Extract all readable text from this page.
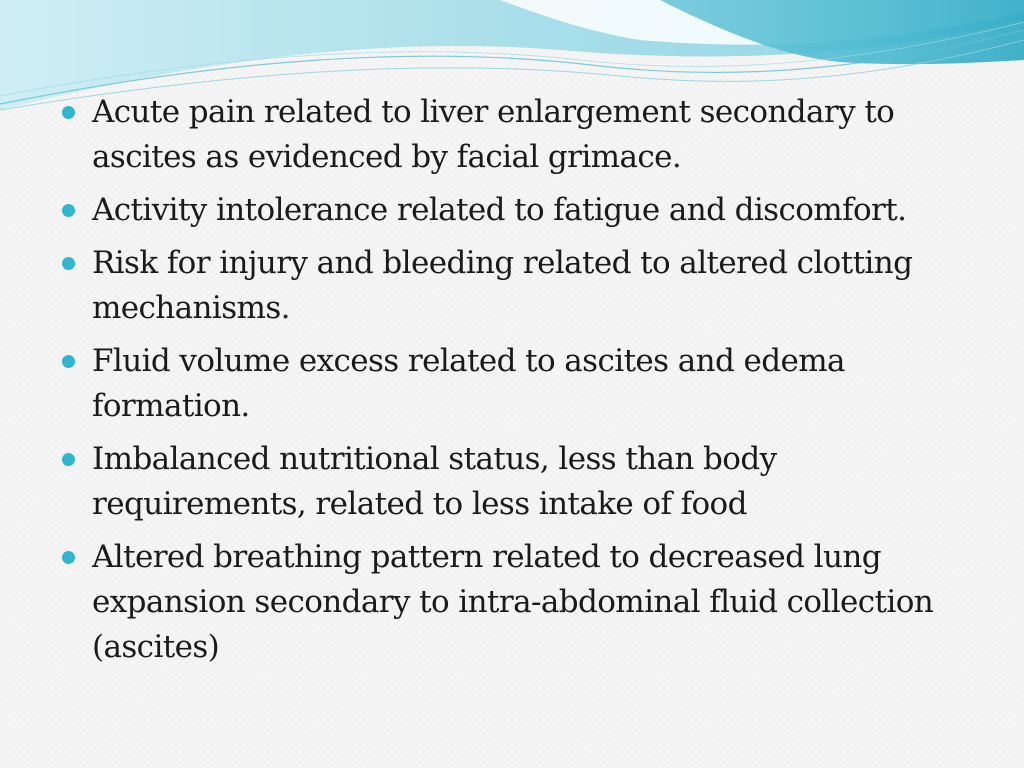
Acute pain related to liver enlargement secondary to ascites as evidenced by facial grimace.
Activity intolerance related to fatigue and discomfort.
Risk for injury and bleeding related to altered clotting mechanisms.
Fluid volume excess related to ascites and edema formation.
Imbalanced nutritional status, less than body requirements, related to less intake of food
Altered breathing pattern related to decreased lung expansion secondary to intra-abdominal fluid collection (ascites)
